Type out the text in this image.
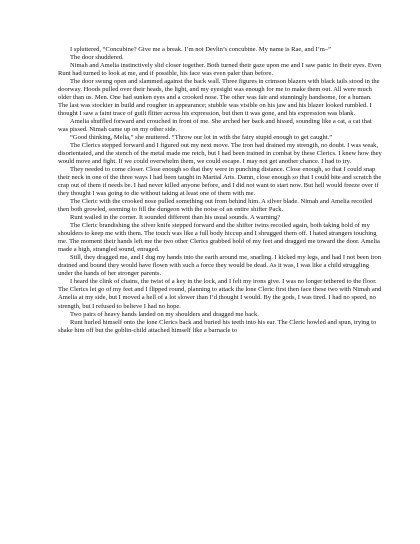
I spluttered, “Concubine? Give me a break. I’m not Devlin’s concubine. My name is Rae, and I’m–”

The door shuddered.

Nimah and Amelia instinctively slid closer together. Both turned their gaze upon me and I saw panic in their eyes. Even Runt had turned to look at me, and if possible, his face was even paler than before.

The door swung open and slammed against the back wall. Three figures in crimson blazers with black tails stood in the doorway. Hoods pulled over their heads, the light, and my eyesight was enough for me to make them out. All were much older than us. Men. One had sunken eyes and a crooked nose. The other was fair and stunningly handsome, for a human. The last was stockier in build and rougher in appearance; stubble was visible on his jaw and his blazer looked rumbled. I thought I saw a faint trace of guilt flitter across his expression, but then it was gone, and his expression was blank.

Amelia shuffled forward and crouched in front of me. She arched her back and hissed, sounding like a cat, a cat that was pissed. Nimah came up on my other side.

“Good thinking, Melia,” she muttered. “Throw our lot in with the fairy stupid enough to get caught.”

The Clerics stepped forward and I figured out my next move. The iron had drained my strength, no doubt. I was weak, disorientated, and the stench of the metal made me retch, but I had been trained in combat by these Clerics. I knew how they would move and fight. If we could overwhelm them, we could escape. I may not get another chance. I had to try.

They needed to come closer. Close enough so that they were in punching distance. Close enough, so that I could snap their neck in one of the three ways I had been taught in Martial Arts. Damn, close enough so that I could bite and scratch the crap out of them if needs be. I had never killed anyone before, and I did not want to start now. But hell would freeze over if they thought I was going to die without taking at least one of them with me.

The Cleric with the crooked nose pulled something out from behind him. A silver blade. Nimah and Amelia recoiled then both growled, seeming to fill the dungeon with the noise of an entire shifter Pack.

Runt wailed in the corner. It sounded different than his usual sounds. A warning?

The Cleric brandishing the silver knife stepped forward and the shifter twins recoiled again, both taking hold of my shoulders to keep me with them. The touch was like a full body hiccup and I shrugged them off. I hated strangers touching me. The moment their hands left me the two other Clerics grabbed hold of my feet and dragged me toward the door. Amelia made a high, strangled sound, enraged.

Still, they dragged me, and I dug my hands into the earth around me, snarling. I kicked my legs, and had I not been iron drained and bound they would have flown with such a force they would be dead. As it was, I was like a child struggling under the hands of her stronger parents.

I heard the clink of chains, the twist of a key in the lock, and I felt my irons give. I was no longer tethered to the floor. The Clerics let go of my feet and I flipped round, planning to attack the lone Cleric first then face these two with Nimah and Amelia at my side, but I moved a hell of a lot slower than I’d thought I would. By the gods, I was tired. I had no speed, no strength, but I refused to believe I had no hope.

Two pairs of heavy hands landed on my shoulders and dragged me back.

Runt hurled himself onto the lone Clerics back and buried his teeth into his ear. The Cleric howled and spun, trying to shake him off but the goblin-child attached himself like a barnacle to
